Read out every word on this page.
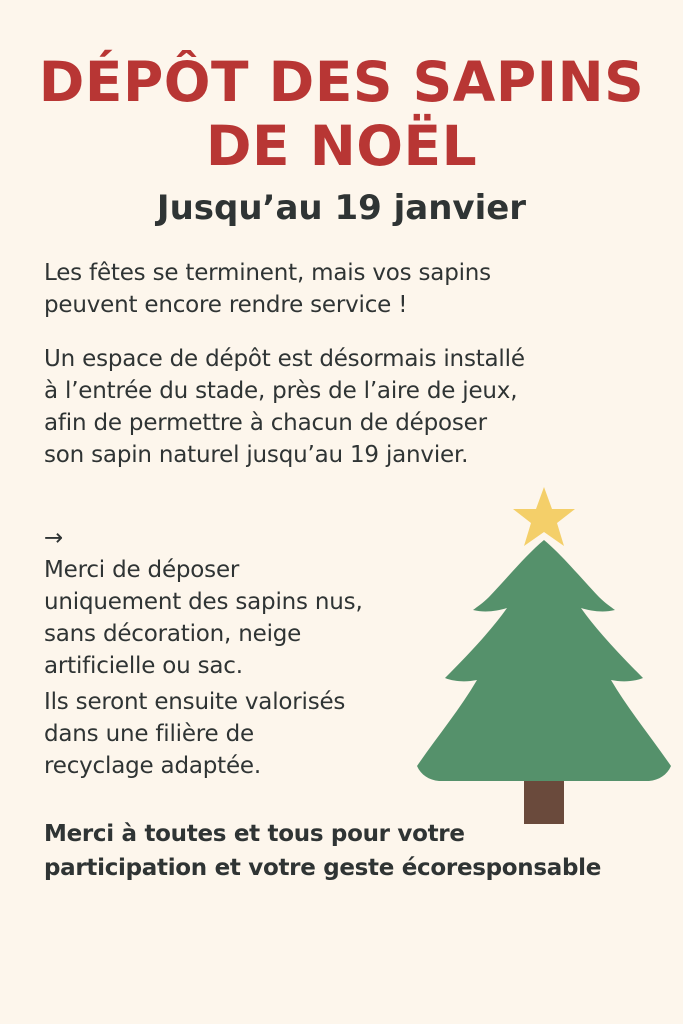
DÉPÔT DES SAPINS
DE NOËL
Jusqu’au 19 janvier

Les fêtes se terminent, mais vos sapins
peuvent encore rendre service !

Un espace de dépôt est désormais installé
à l’entrée du stade, près de l’aire de jeux,
afin de permettre à chacun de déposer
son sapin naturel jusqu’au 19 janvier.

→
Merci de déposer
uniquement des sapins nus,
sans décoration, neige
artificielle ou sac.

Ils seront ensuite valorisés
dans une filière de
recyclage adaptée.

Merci à toutes et tous pour votre
participation et votre geste écoresponsable
